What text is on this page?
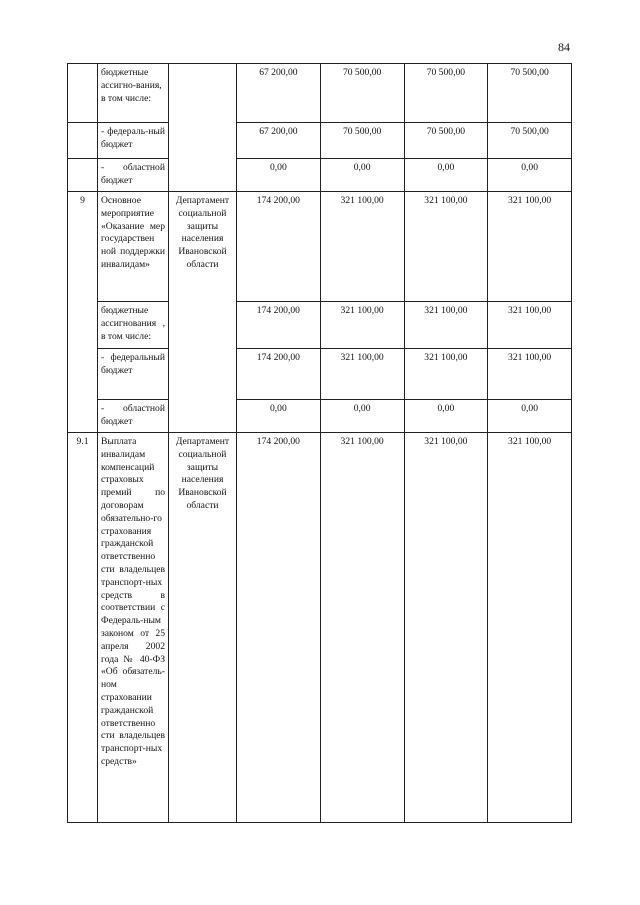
84
	бюджетные ассигно-вания, в том числе:		67 200,00	70 500,00	70 500,00	70 500,00
	- федераль-ный бюджет		67 200,00	70 500,00	70 500,00	70 500,00
	- областной бюджет		0,00	0,00	0,00	0,00
9	Основное мероприятие «Оказание мер государствен ной поддержки инвалидам»	Департамент социальной защиты населения Ивановской области	174 200,00	321 100,00	321 100,00	321 100,00
	бюджетные ассигнования , в том числе:		174 200,00	321 100,00	321 100,00	321 100,00
	- федеральный бюджет		174 200,00	321 100,00	321 100,00	321 100,00
	- областной бюджет		0,00	0,00	0,00	0,00
9.1	Выплата инвалидам компенсаций страховых премий по договорам обязательно-го страхования гражданской ответственно сти владельцев транспорт-ных средств в соответствии с Федераль-ным законом от 25 апреля 2002 года № 40-ФЗ «Об обязатель-ном страховании гражданской ответственно сти владельцев транспорт-ных средств»	Департамент социальной защиты населения Ивановской области	174 200,00	321 100,00	321 100,00	321 100,00
